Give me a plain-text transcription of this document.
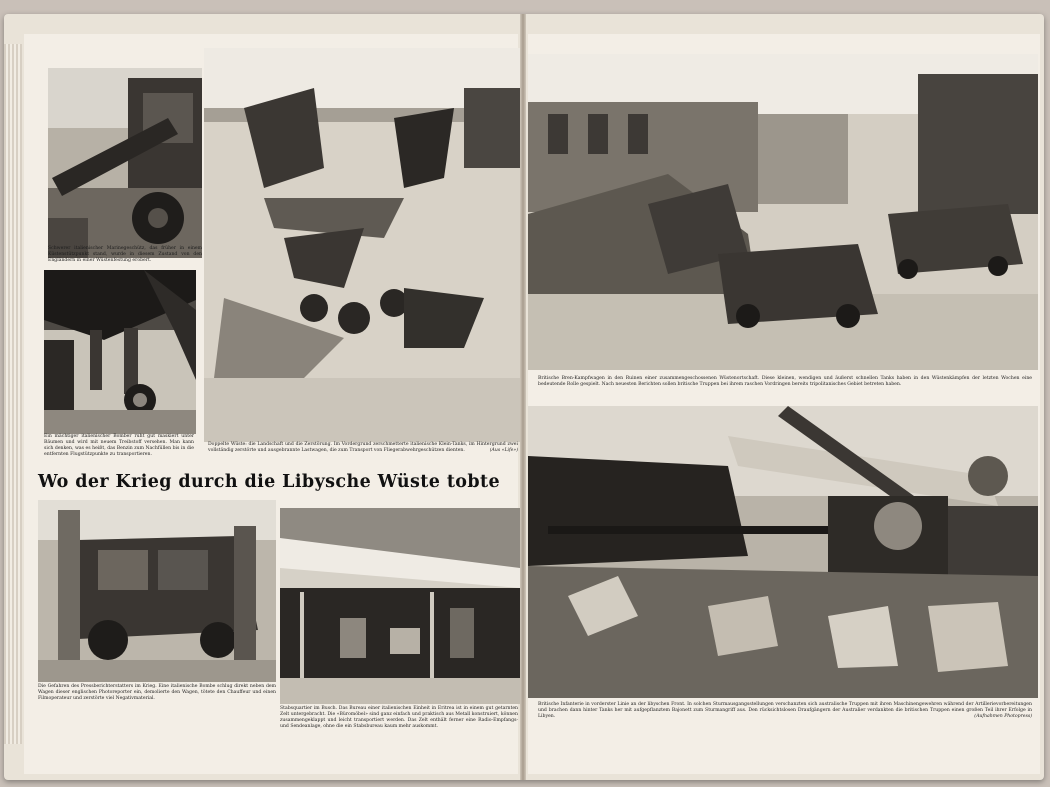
Schwerer italienischer Marinegeschütz, das früher in einem Küstenstützpunkt stand, wurde in diesem Zustand von den Engländern in einer Wüstenfestung erobert.
Ein mächtiger italienischer Bomber ruht gut maskiert unter Bäumen und wird mit neuem Treibstoff versehen. Man kann sich denken, was es heißt, das Benzin zum Nachfüllen bis in die entfernten Flugstützpunkte zu transportieren.
Doppelte Wüste: die Landschaft und die Zerstörung. Im Vordergrund zerschmetterte italienische Klein-Tanks, im Hintergrund zwei vollständig zerstörte und ausgebrannte Lastwagen, die zum Transport von Fliegerabwehrgeschützen dienten.	(Aus «Life»)
Wo der Krieg durch die Libysche Wüste tobte
Die Gefahren des Pressberichterstatters im Krieg. Eine italienische Bombe schlug direkt neben dem Wagen dieser englischen Photoreporter ein, demolierte den Wagen, tötete den Chauffeur und einen Filmoperateur und zerstörte viel Negativmaterial.
Stabsquartier im Busch. Das Bureau einer italienischen Einheit in Eritrea ist in einem gut getarnten Zelt untergebracht. Die «Büromöbel» sind ganz einfach und praktisch aus Metall konstruiert, können zusammengeklappt und leicht transportiert werden. Das Zelt enthält ferner eine Radio-Empfangs- und Sendeanlage, ohne die ein Stabsbureau kaum mehr auskommt.
Britische Bren-Kampfwagen in den Ruinen einer zusammengeschossenen Wüstenortschaft. Diese kleinen, wendigen und äußerst schnellen Tanks haben in den Wüstenkämpfen der letzten Wochen eine bedeutende Rolle gespielt. Nach neuesten Berichten sollen britische Truppen bei ihrem raschen Vordringen bereits tripolitanisches Gebiet betreten haben.
Britische Infanterie in vorderster Linie an der libyschen Front. In solchen Sturmausgangsstellungen verschanzten sich australische Truppen mit ihren Maschinengewehren während der Artillerievorbereitungen und brachen dann hinter Tanks her mit aufgepflanztem Bajonett zum Sturmangriff aus. Den rücksichtslosen Draufgängern der Australier verdankten die britischen Truppen einen großen Teil ihrer Erfolge in Libyen.	(Aufnahmen Photopress)
